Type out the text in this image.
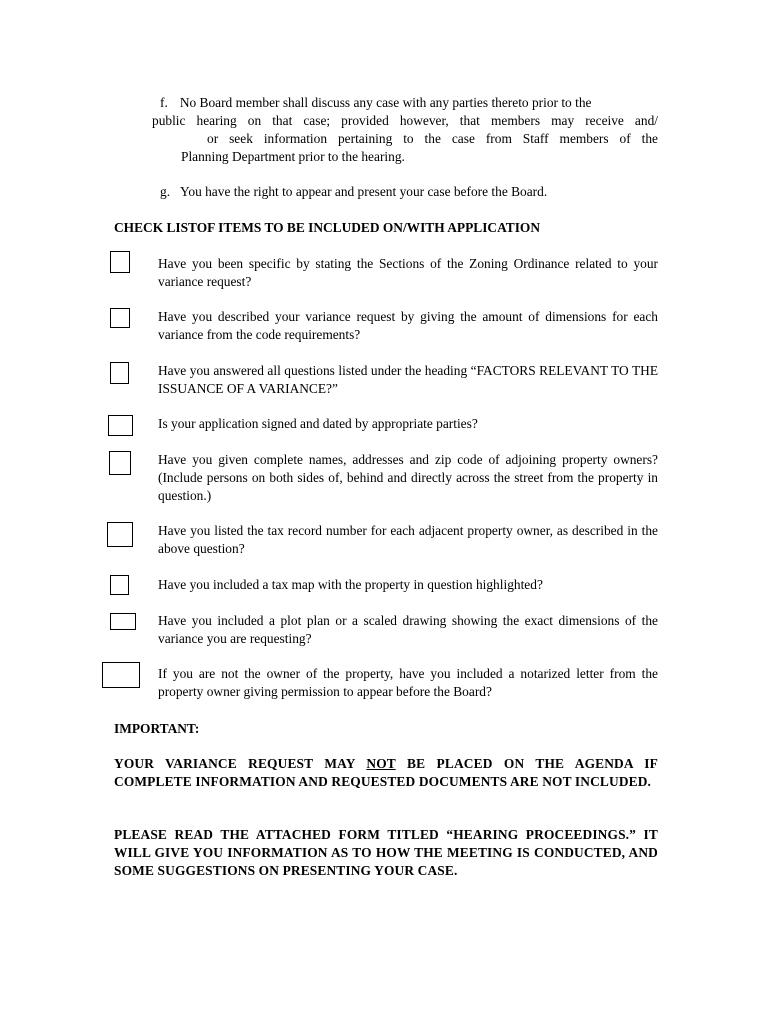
f. No Board member shall discuss any case with any parties thereto prior to the
public hearing on that case; provided however, that members may receive and/
or seek information pertaining to the case from Staff members of the
Planning Department prior to the hearing.
g. You have the right to appear and present your case before the Board.
CHECK LISTOF ITEMS TO BE INCLUDED ON/WITH APPLICATION
Have you been specific by stating the Sections of the Zoning Ordinance related to your variance request?
Have you described your variance request by giving the amount of dimensions for each variance from the code requirements?
Have you answered all questions listed under the heading “FACTORS RELEVANT TO THE ISSUANCE OF A VARIANCE?”
Is your application signed and dated by appropriate parties?
Have you given complete names, addresses and zip code of adjoining property owners? (Include persons on both sides of, behind and directly across the street from the property in question.)
Have you listed the tax record number for each adjacent property owner, as described in the above question?
Have you included a tax map with the property in question highlighted?
Have you included a plot plan or a scaled drawing showing the exact dimensions of the variance you are requesting?
If you are not the owner of the property, have you included a notarized letter from the property owner giving permission to appear before the Board?
IMPORTANT:
YOUR VARIANCE REQUEST MAY NOT BE PLACED ON THE AGENDA IF COMPLETE INFORMATION AND REQUESTED DOCUMENTS ARE NOT INCLUDED.
PLEASE READ THE ATTACHED FORM TITLED “HEARING PROCEEDINGS.” IT WILL GIVE YOU INFORMATION AS TO HOW THE MEETING IS CONDUCTED, AND SOME SUGGESTIONS ON PRESENTING YOUR CASE.
